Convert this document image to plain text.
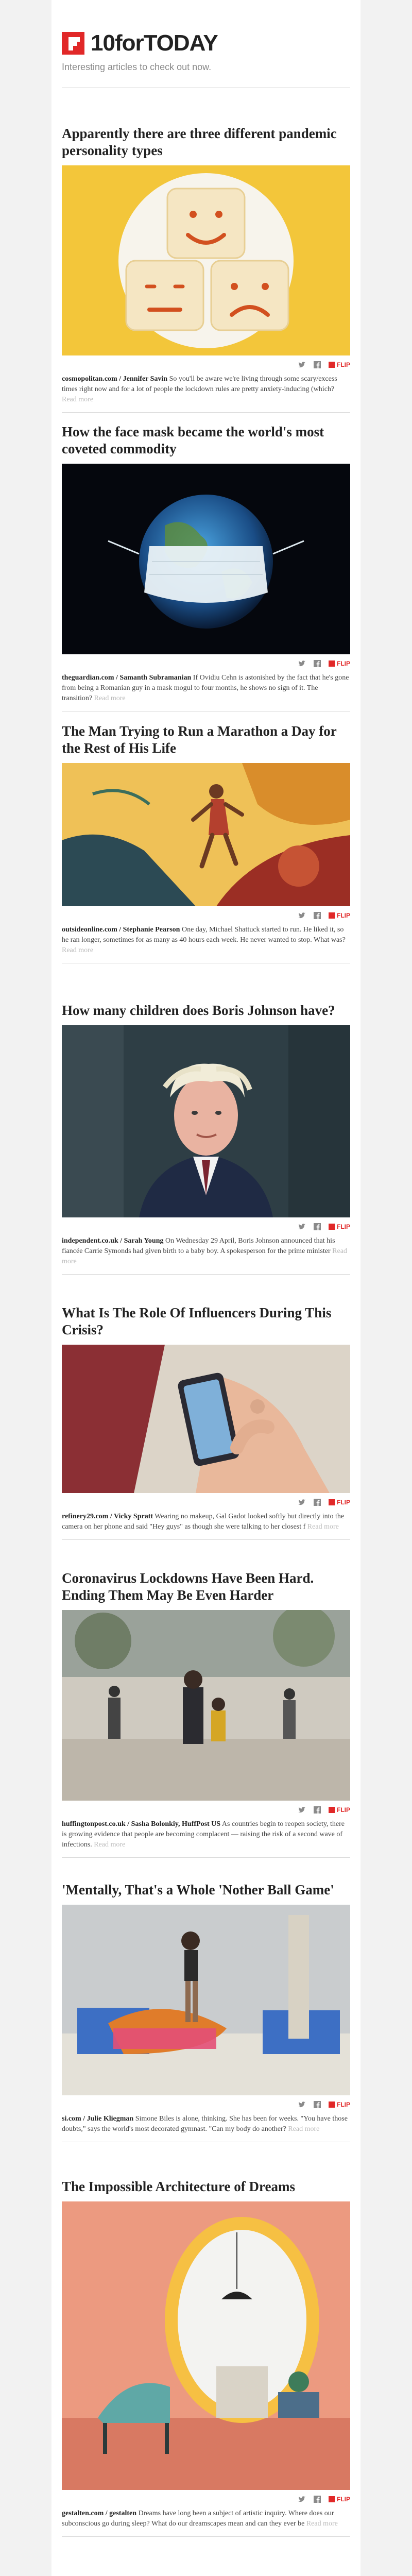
10forTODAY
Interesting articles to check out now.
Apparently there are three different pandemic personality types
FLIP
cosmopolitan.com / Jennifer Savin So you'll be aware we're living through some scary/excess times right now and for a lot of people the lockdown rules are pretty anxiety-inducing (which? Read more
How the face mask became the world's most coveted commodity
FLIP
theguardian.com / Samanth Subramanian If Ovidiu Cehn is astonished by the fact that he's gone from being a Romanian guy in a mask mogul to four months, he shows no sign of it. The transition? Read more
The Man Trying to Run a Marathon a Day for the Rest of His Life
FLIP
outsideonline.com / Stephanie Pearson One day, Michael Shattuck started to run. He liked it, so he ran longer, sometimes for as many as 40 hours each week. He never wanted to stop. What was? Read more
How many children does Boris Johnson have?
FLIP
independent.co.uk / Sarah Young On Wednesday 29 April, Boris Johnson announced that his fiancée Carrie Symonds had given birth to a baby boy. A spokesperson for the prime minister Read more
What Is The Role Of Influencers During This Crisis?
FLIP
refinery29.com / Vicky Spratt Wearing no makeup, Gal Gadot looked softly but directly into the camera on her phone and said "Hey guys" as though she were talking to her closest f Read more
Coronavirus Lockdowns Have Been Hard. Ending Them May Be Even Harder
FLIP
huffingtonpost.co.uk / Sasha Bolonkiy, HuffPost US As countries begin to reopen society, there is growing evidence that people are becoming complacent — raising the risk of a second wave of infections. Read more
'Mentally, That's a Whole 'Nother Ball Game'
FLIP
si.com / Julie Kliegman Simone Biles is alone, thinking. She has been for weeks. "You have those doubts," says the world's most decorated gymnast. "Can my body do another? Read more
The Impossible Architecture of Dreams
FLIP
gestalten.com / gestalten Dreams have long been a subject of artistic inquiry. Where does our subconscious go during sleep? What do our dreamscapes mean and can they ever be Read more
